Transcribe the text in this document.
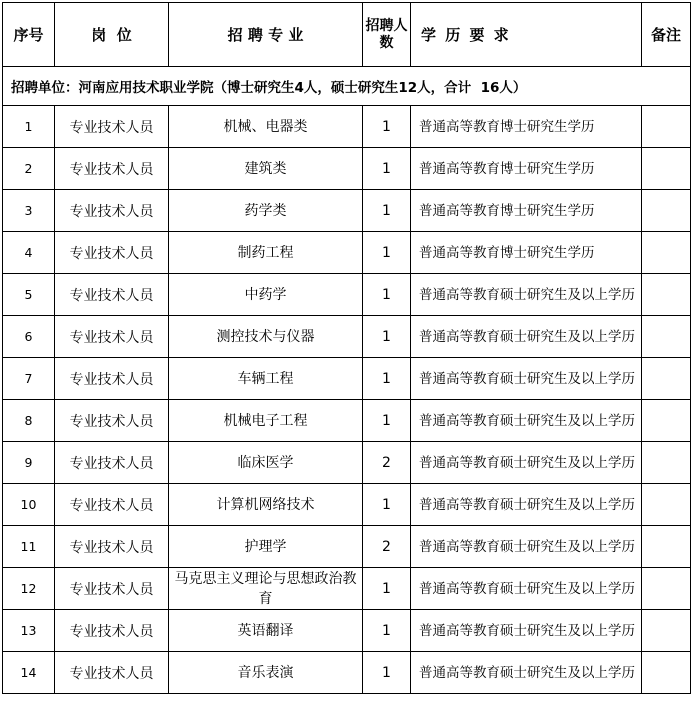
序号	岗  位	招 聘 专 业	招聘人数	学 历 要 求	备注
招聘单位：河南应用技术职业学院（博士研究生4人，硕士研究生12人，合计  16人）					
1	专业技术人员	机械、电器类	1	普通高等教育博士研究生学历	
2	专业技术人员	建筑类	1	普通高等教育博士研究生学历	
3	专业技术人员	药学类	1	普通高等教育博士研究生学历	
4	专业技术人员	制药工程	1	普通高等教育博士研究生学历	
5	专业技术人员	中药学	1	普通高等教育硕士研究生及以上学历	
6	专业技术人员	测控技术与仪器	1	普通高等教育硕士研究生及以上学历	
7	专业技术人员	车辆工程	1	普通高等教育硕士研究生及以上学历	
8	专业技术人员	机械电子工程	1	普通高等教育硕士研究生及以上学历	
9	专业技术人员	临床医学	2	普通高等教育硕士研究生及以上学历	
10	专业技术人员	计算机网络技术	1	普通高等教育硕士研究生及以上学历	
11	专业技术人员	护理学	2	普通高等教育硕士研究生及以上学历	
12	专业技术人员	马克思主义理论与思想政治教育	1	普通高等教育硕士研究生及以上学历	
13	专业技术人员	英语翻译	1	普通高等教育硕士研究生及以上学历	
14	专业技术人员	音乐表演	1	普通高等教育硕士研究生及以上学历	
